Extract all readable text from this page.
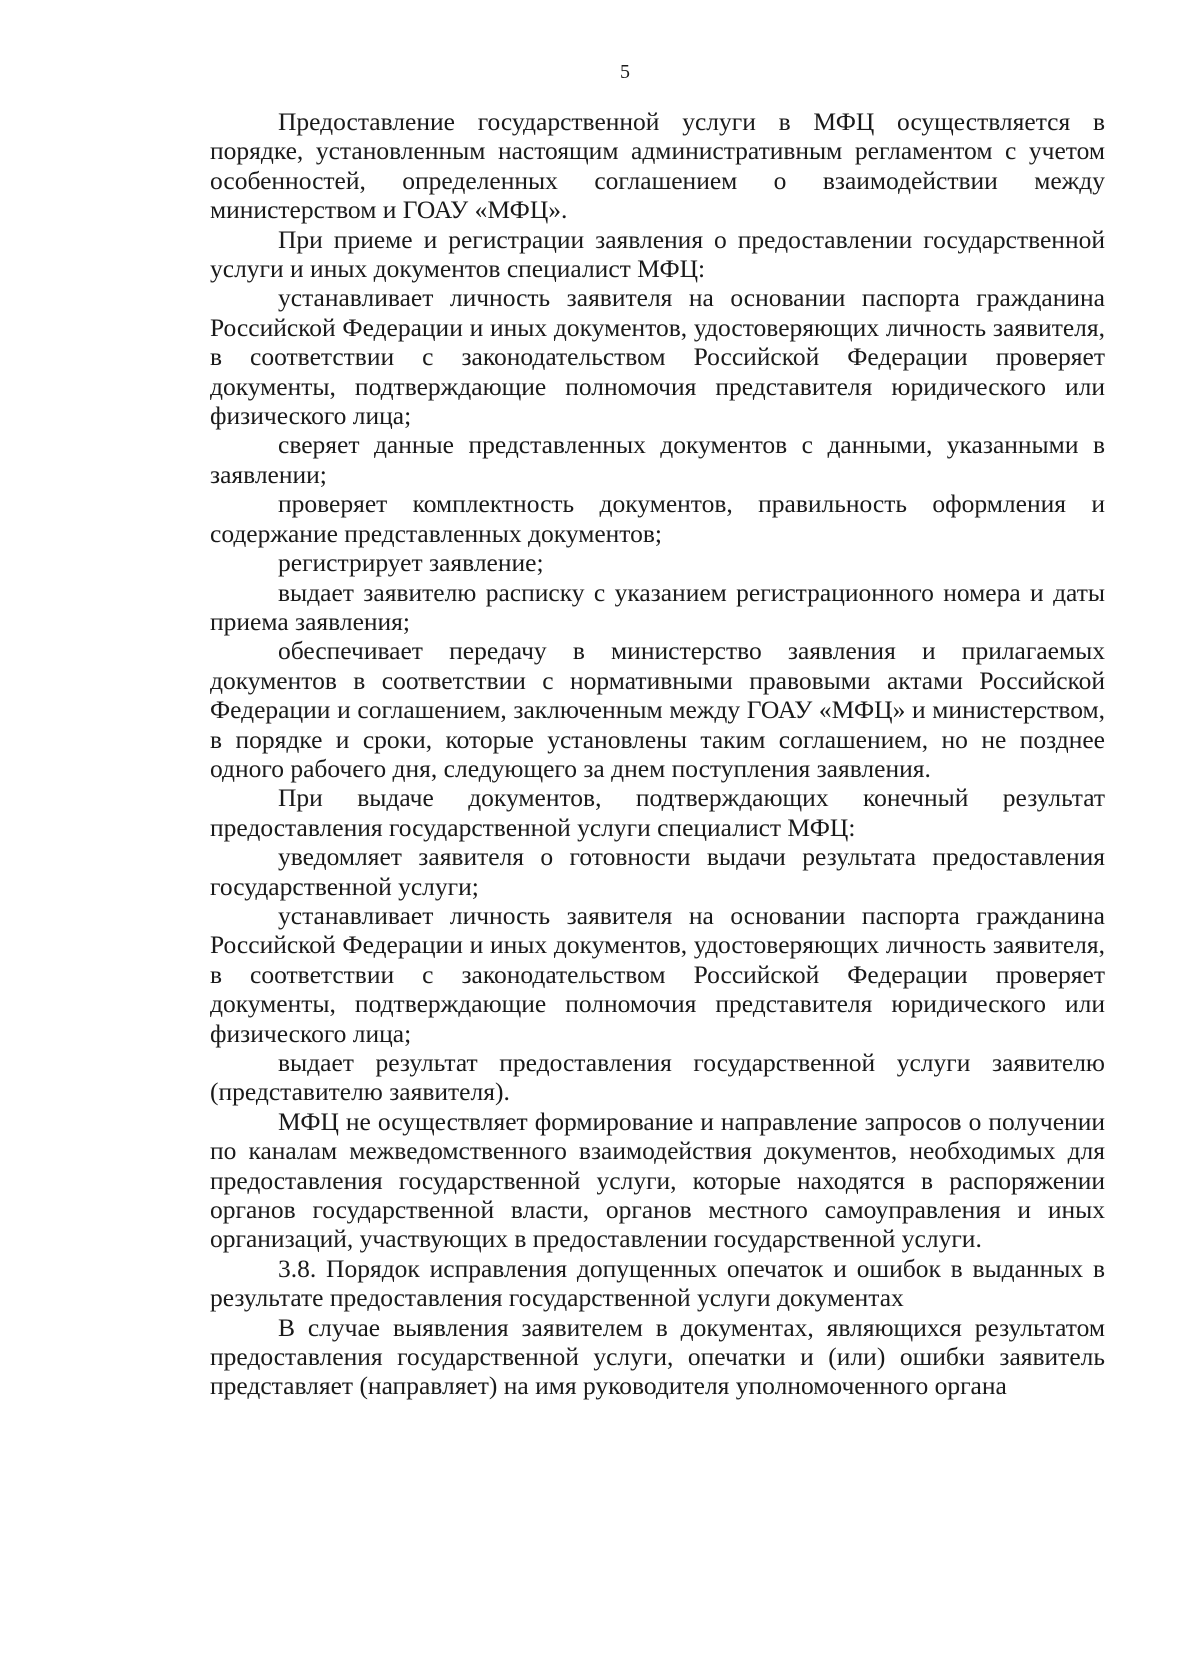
5

Предоставление государственной услуги в МФЦ осуществляется в порядке, установленным настоящим административным регламентом с учетом особенностей, определенных соглашением о взаимодействии между министерством и ГОАУ «МФЦ».

При приеме и регистрации заявления о предоставлении государственной услуги и иных документов специалист МФЦ:

устанавливает личность заявителя на основании паспорта гражданина Российской Федерации и иных документов, удостоверяющих личность заявителя, в соответствии с законодательством Российской Федерации проверяет документы, подтверждающие полномочия представителя юридического или физического лица;

сверяет данные представленных документов с данными, указанными в заявлении;

проверяет комплектность документов, правильность оформления и содержание представленных документов;

регистрирует заявление;

выдает заявителю расписку с указанием регистрационного номера и даты приема заявления;

обеспечивает передачу в министерство заявления и прилагаемых документов в соответствии с нормативными правовыми актами Российской Федерации и соглашением, заключенным между ГОАУ «МФЦ» и министерством, в порядке и сроки, которые установлены таким соглашением, но не позднее одного рабочего дня, следующего за днем поступления заявления.

При выдаче документов, подтверждающих конечный результат предоставления государственной услуги специалист МФЦ:

уведомляет заявителя о готовности выдачи результата предоставления государственной услуги;

устанавливает личность заявителя на основании паспорта гражданина Российской Федерации и иных документов, удостоверяющих личность заявителя, в соответствии с законодательством Российской Федерации проверяет документы, подтверждающие полномочия представителя юридического или физического лица;

выдает результат предоставления государственной услуги заявителю (представителю заявителя).

МФЦ не осуществляет формирование и направление запросов о получении по каналам межведомственного взаимодействия документов, необходимых для предоставления государственной услуги, которые находятся в распоряжении органов государственной власти, органов местного самоуправления и иных организаций, участвующих в предоставлении государственной услуги.

3.8. Порядок исправления допущенных опечаток и ошибок в выданных в результате предоставления государственной услуги документах

В случае выявления заявителем в документах, являющихся результатом предоставления государственной услуги, опечатки и (или) ошибки заявитель представляет (направляет) на имя руководителя уполномоченного органа
